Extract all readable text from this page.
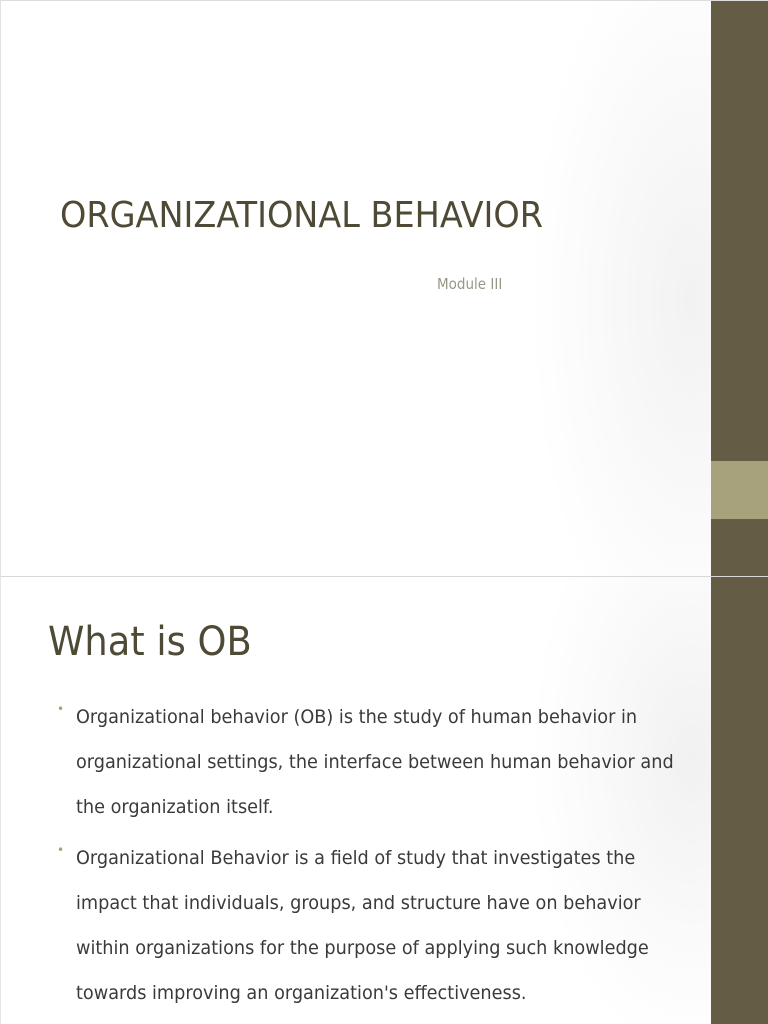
ORGANIZATIONAL BEHAVIOR
Module III
What is OB
• Organizational behavior (OB) is the study of human behavior in organizational settings, the interface between human behavior and the organization itself.
• Organizational Behavior is a field of study that investigates the impact that individuals, groups, and structure have on behavior within organizations for the purpose of applying such knowledge towards improving an organization's effectiveness.
